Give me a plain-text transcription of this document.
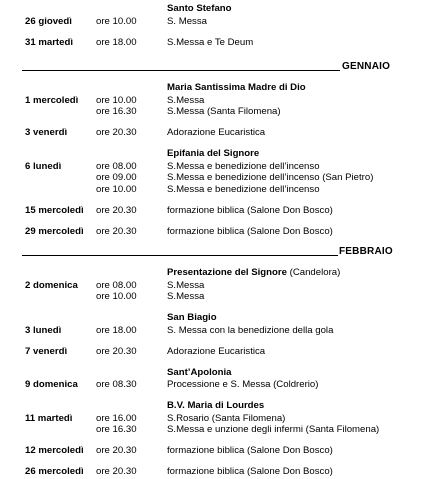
Santo Stefano
26 giovedì	ore 10.00	S. Messa
31 martedì ore 18.00	S.Messa e Te Deum
GENNAIO
Maria Santissima Madre di Dio
1 mercoledì ore 10.00	S.Messa
ore 16.30	S.Messa (Santa Filomena)
3 venerdì	ore 20.30	Adorazione Eucaristica
Epifania del Signore
6 lunedì	ore 08.00	S.Messa e benedizione dell’incenso
ore 09.00	S.Messa e benedizione dell’incenso (San Pietro)
ore 10.00	S.Messa e benedizione dell’incenso
15 mercoledì ore 20.30	formazione biblica (Salone Don Bosco)
29 mercoledì ore 20.30	formazione biblica (Salone Don Bosco)
FEBBRAIO
Presentazione del Signore (Candelora)
2 domenica ore 08.00	S.Messa
ore 10.00	S.Messa
San Biagio
3 lunedì	ore 18.00	S. Messa con la benedizione della gola
7 venerdì	ore 20.30	Adorazione Eucaristica
Sant’Apolonia
9 domenica ore 08.30	Processione e S. Messa (Coldrerio)
B.V. Maria di Lourdes
11 martedì ore 16.00	S.Rosario (Santa Filomena)
ore 16.30	S.Messa e unzione degli infermi (Santa Filomena)
12 mercoledì ore 20.30	formazione biblica (Salone Don Bosco)
26 mercoledì ore 20.30	formazione biblica (Salone Don Bosco)
